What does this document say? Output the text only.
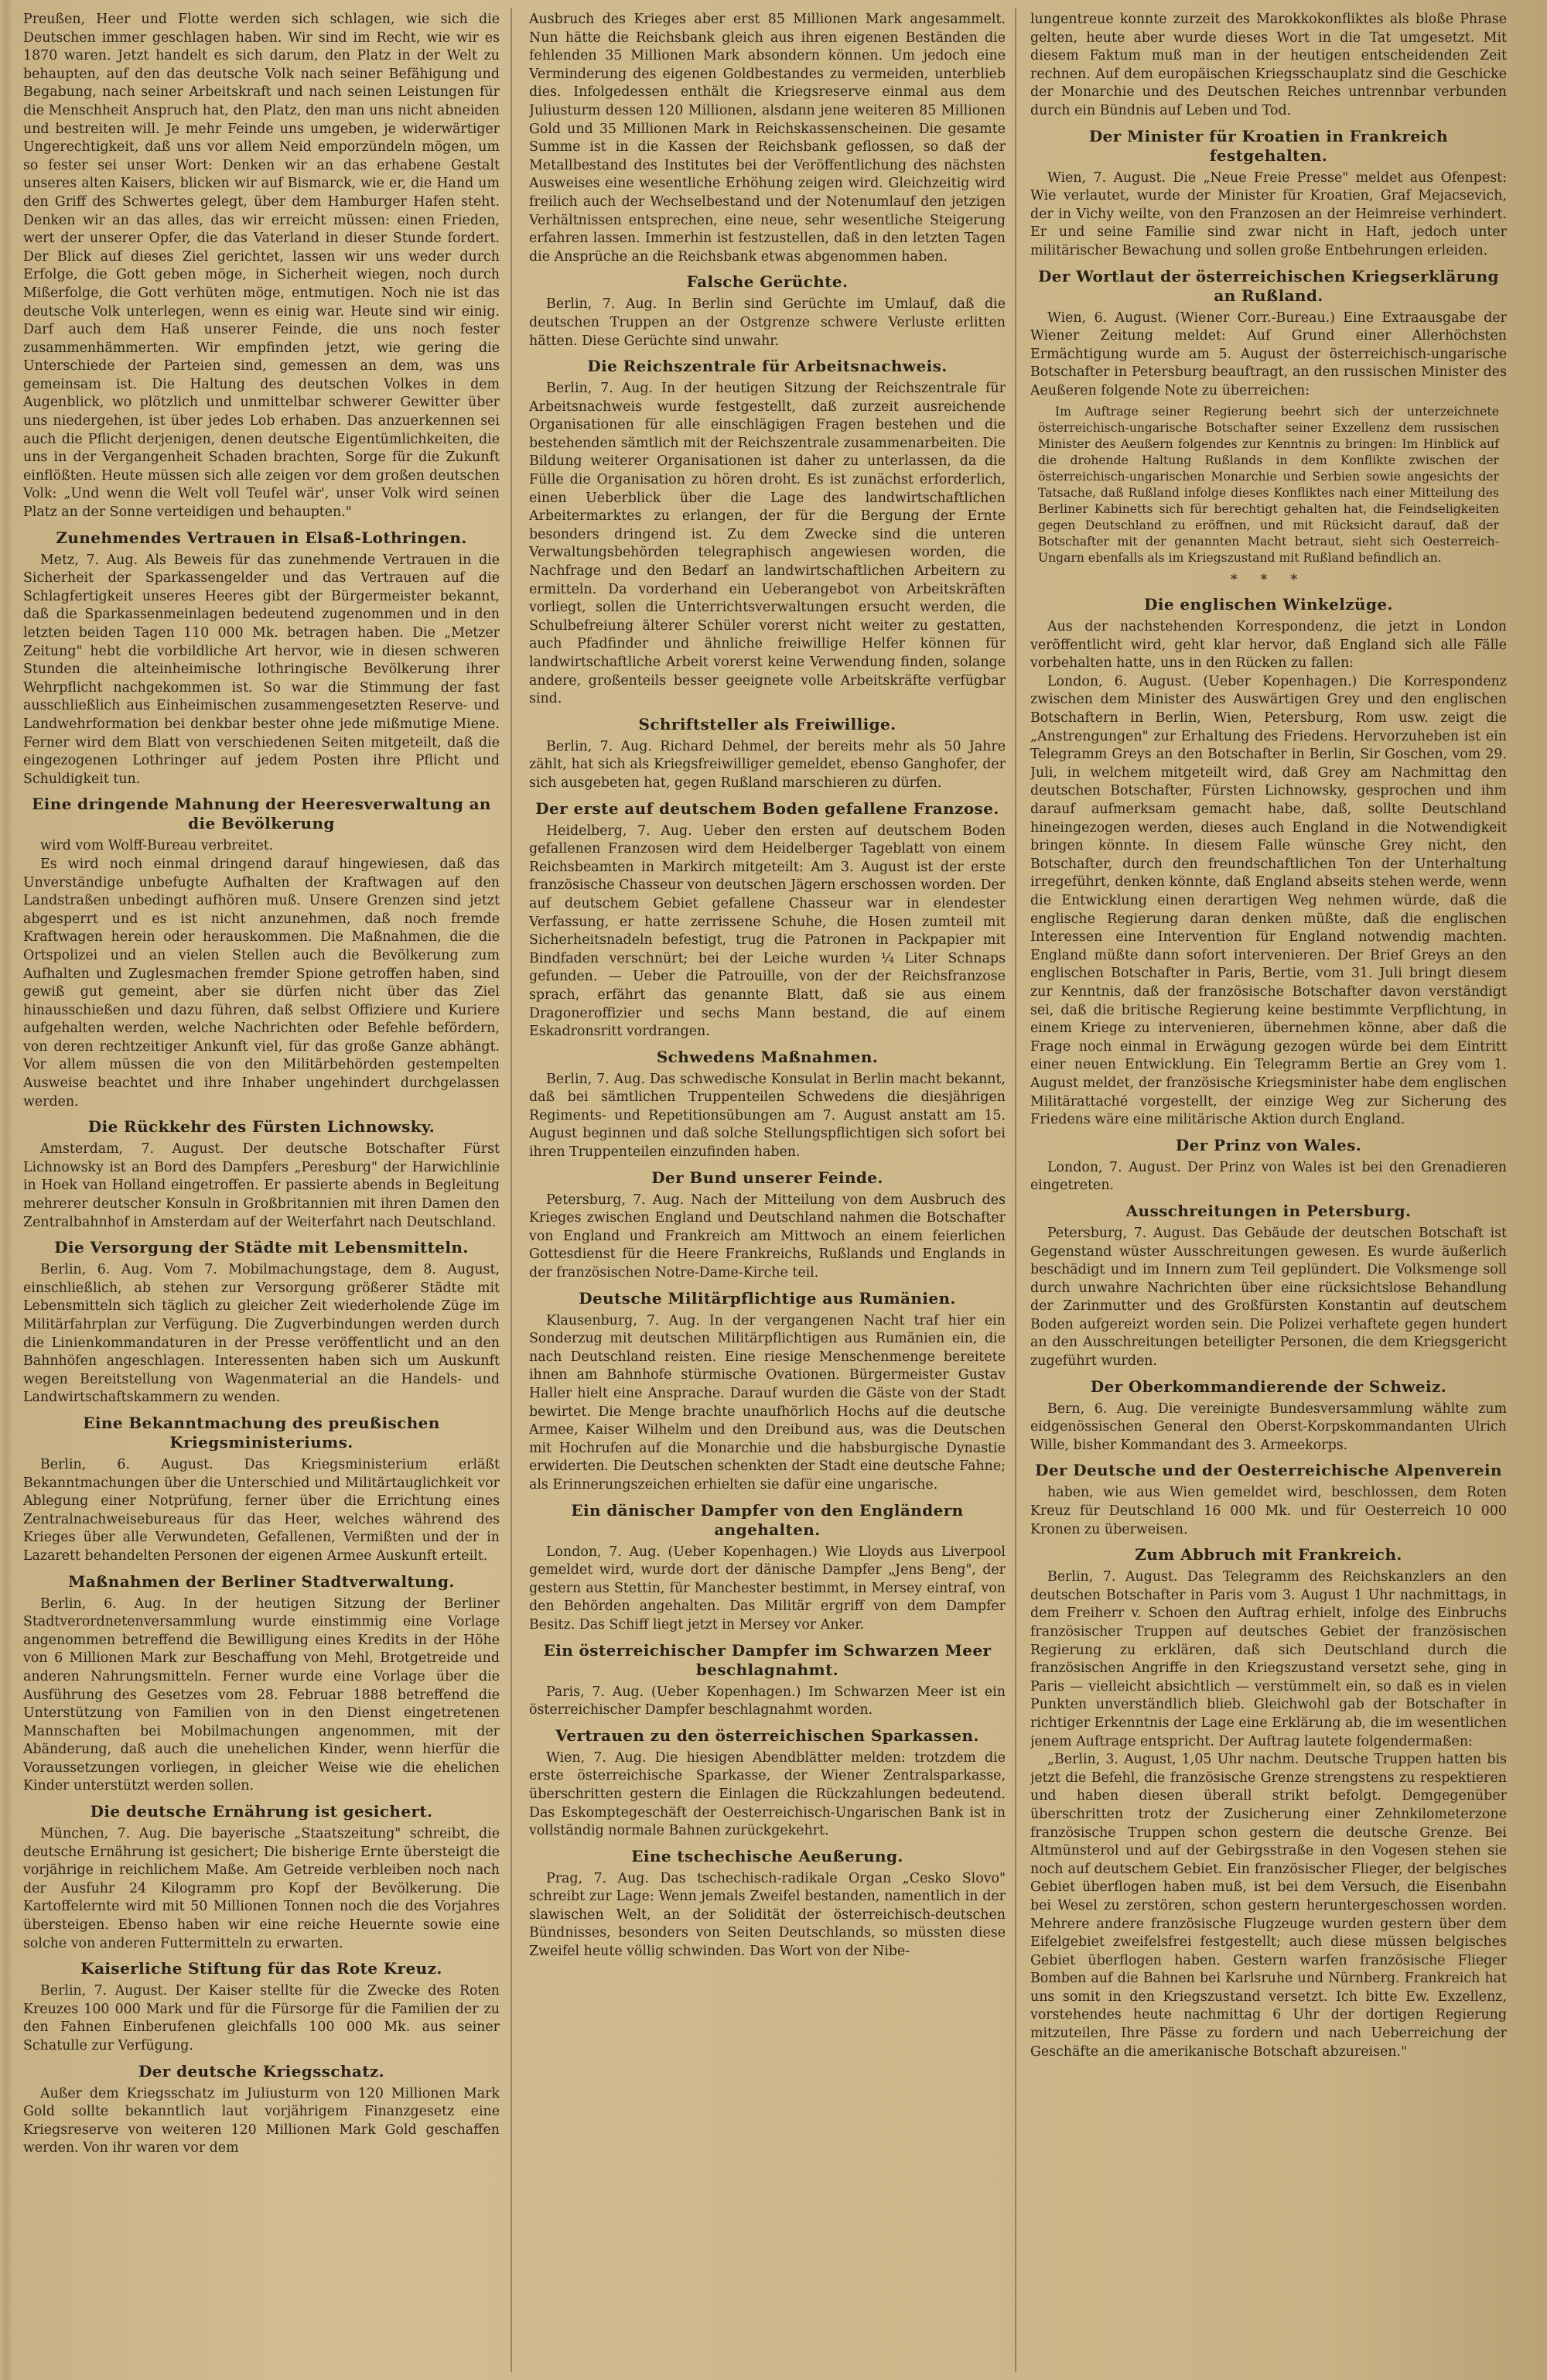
Preußen, Heer und Flotte werden sich schlagen, wie sich die Deutschen immer geschlagen haben. Wir sind im Recht, wie wir es 1870 waren. Jetzt handelt es sich darum, den Platz in der Welt zu behaupten, auf den das deutsche Volk nach seiner Befähigung und Begabung, nach seiner Arbeitskraft und nach seinen Leistungen für die Menschheit Anspruch hat, den Platz, den man uns nicht abneiden und bestreiten will. Je mehr Feinde uns umgeben, je widerwärtiger Ungerechtigkeit, daß uns vor allem Neid emporzündeln mögen, um so fester sei unser Wort: Denken wir an das erhabene Gestalt unseres alten Kaisers, blicken wir auf Bismarck, wie er, die Hand um den Griff des Schwertes gelegt, über dem Hamburger Hafen steht. Denken wir an das alles, das wir erreicht müssen: einen Frieden, wert der unserer Opfer, die das Vaterland in dieser Stunde fordert. Der Blick auf dieses Ziel gerichtet, lassen wir uns weder durch Erfolge, die Gott geben möge, in Sicherheit wiegen, noch durch Mißerfolge, die Gott verhüten möge, entmutigen. Noch nie ist das deutsche Volk unterlegen, wenn es einig war. Heute sind wir einig. Darf auch dem Haß unserer Feinde, die uns noch fester zusammenhämmerten. Wir empfinden jetzt, wie gering die Unterschiede der Parteien sind, gemessen an dem, was uns gemeinsam ist. Die Haltung des deutschen Volkes in dem Augenblick, wo plötzlich und unmittelbar schwerer Gewitter über uns niedergehen, ist über jedes Lob erhaben. Das anzuerkennen sei auch die Pflicht derjenigen, denen deutsche Eigentümlichkeiten, die uns in der Vergangenheit Schaden brachten, Sorge für die Zukunft einflößten. Heute müssen sich alle zeigen vor dem großen deutschen Volk: „Und wenn die Welt voll Teufel wär', unser Volk wird seinen Platz an der Sonne verteidigen und behaupten."

Zunehmendes Vertrauen in Elsaß-Lothringen.

Metz, 7. Aug. Als Beweis für das zunehmende Vertrauen in die Sicherheit der Sparkassengelder und das Vertrauen auf die Schlagfertigkeit unseres Heeres gibt der Bürgermeister bekannt, daß die Sparkassenmeinlagen bedeutend zugenommen und in den letzten beiden Tagen 110 000 Mk. betragen haben. Die „Metzer Zeitung" hebt die vorbildliche Art hervor, wie in diesen schweren Stunden die alteinheimische lothringische Bevölkerung ihrer Wehrpflicht nachgekommen ist. So war die Stimmung der fast ausschließlich aus Einheimischen zusammengesetzten Reserve- und Landwehrformation bei denkbar bester ohne jede mißmutige Miene. Ferner wird dem Blatt von verschiedenen Seiten mitgeteilt, daß die eingezogenen Lothringer auf jedem Posten ihre Pflicht und Schuldigkeit tun.

Eine dringende Mahnung der Heeresverwaltung an die Bevölkerung

wird vom Wolff-Bureau verbreitet.

Es wird noch einmal dringend darauf hingewiesen, daß das Unverständige unbefugte Aufhalten der Kraftwagen auf den Landstraßen unbedingt aufhören muß. Unsere Grenzen sind jetzt abgesperrt und es ist nicht anzunehmen, daß noch fremde Kraftwagen herein oder herauskommen. Die Maßnahmen, die die Ortspolizei und an vielen Stellen auch die Bevölkerung zum Aufhalten und Zuglesmachen fremder Spione getroffen haben, sind gewiß gut gemeint, aber sie dürfen nicht über das Ziel hinausschießen und dazu führen, daß selbst Offiziere und Kuriere aufgehalten werden, welche Nachrichten oder Befehle befördern, von deren rechtzeitiger Ankunft viel, für das große Ganze abhängt. Vor allem müssen die von den Militärbehörden gestempelten Ausweise beachtet und ihre Inhaber ungehindert durchgelassen werden.

Die Rückkehr des Fürsten Lichnowsky.

Amsterdam, 7. August. Der deutsche Botschafter Fürst Lichnowsky ist an Bord des Dampfers „Peresburg" der Harwichlinie in Hoek van Holland eingetroffen. Er passierte abends in Begleitung mehrerer deutscher Konsuln in Großbritannien mit ihren Damen den Zentralbahnhof in Amsterdam auf der Weiterfahrt nach Deutschland.

Die Versorgung der Städte mit Lebensmitteln.

Berlin, 6. Aug. Vom 7. Mobilmachungstage, dem 8. August, einschließlich, ab stehen zur Versorgung größerer Städte mit Lebensmitteln sich täglich zu gleicher Zeit wiederholende Züge im Militärfahrplan zur Verfügung. Die Zugverbindungen werden durch die Linienkommandaturen in der Presse veröffentlicht und an den Bahnhöfen angeschlagen. Interessenten haben sich um Auskunft wegen Bereitstellung von Wagenmaterial an die Handels- und Landwirtschaftskammern zu wenden.

Eine Bekanntmachung des preußischen Kriegsministeriums.

Berlin, 6. August. Das Kriegsministerium erläßt Bekanntmachungen über die Unterschied und Militärtauglichkeit vor Ablegung einer Notprüfung, ferner über die Errichtung eines Zentralnachweisebureaus für das Heer, welches während des Krieges über alle Verwundeten, Gefallenen, Vermißten und der in Lazarett behandelten Personen der eigenen Armee Auskunft erteilt.

Maßnahmen der Berliner Stadtverwaltung.

Berlin, 6. Aug. In der heutigen Sitzung der Berliner Stadtverordnetenversammlung wurde einstimmig eine Vorlage angenommen betreffend die Bewilligung eines Kredits in der Höhe von 6 Millionen Mark zur Beschaffung von Mehl, Brotgetreide und anderen Nahrungsmitteln. Ferner wurde eine Vorlage über die Ausführung des Gesetzes vom 28. Februar 1888 betreffend die Unterstützung von Familien von in den Dienst eingetretenen Mannschaften bei Mobilmachungen angenommen, mit der Abänderung, daß auch die unehelichen Kinder, wenn hierfür die Voraussetzungen vorliegen, in gleicher Weise wie die ehelichen Kinder unterstützt werden sollen.

Die deutsche Ernährung ist gesichert.

München, 7. Aug. Die bayerische „Staatszeitung" schreibt, die deutsche Ernährung ist gesichert; Die bisherige Ernte übersteigt die vorjährige in reichlichem Maße. Am Getreide verbleiben noch nach der Ausfuhr 24 Kilogramm pro Kopf der Bevölkerung. Die Kartoffelernte wird mit 50 Millionen Tonnen noch die des Vorjahres übersteigen. Ebenso haben wir eine reiche Heuernte sowie eine solche von anderen Futtermitteln zu erwarten.

Kaiserliche Stiftung für das Rote Kreuz.

Berlin, 7. August. Der Kaiser stellte für die Zwecke des Roten Kreuzes 100 000 Mark und für die Fürsorge für die Familien der zu den Fahnen Einberufenen gleichfalls 100 000 Mk. aus seiner Schatulle zur Verfügung.

Der deutsche Kriegsschatz.

Außer dem Kriegsschatz im Juliusturm von 120 Millionen Mark Gold sollte bekanntlich laut vorjährigem Finanzgesetz eine Kriegsreserve von weiteren 120 Millionen Mark Gold geschaffen werden. Von ihr waren vor dem

Ausbruch des Krieges aber erst 85 Millionen Mark angesammelt. Nun hätte die Reichsbank gleich aus ihren eigenen Beständen die fehlenden 35 Millionen Mark absondern können. Um jedoch eine Verminderung des eigenen Goldbestandes zu vermeiden, unterblieb dies. Infolgedessen enthält die Kriegsreserve einmal aus dem Juliusturm dessen 120 Millionen, alsdann jene weiteren 85 Millionen Gold und 35 Millionen Mark in Reichskassenscheinen. Die gesamte Summe ist in die Kassen der Reichsbank geflossen, so daß der Metallbestand des Institutes bei der Veröffentlichung des nächsten Ausweises eine wesentliche Erhöhung zeigen wird. Gleichzeitig wird freilich auch der Wechselbestand und der Notenumlauf den jetzigen Verhältnissen entsprechen, eine neue, sehr wesentliche Steigerung erfahren lassen. Immerhin ist festzustellen, daß in den letzten Tagen die Ansprüche an die Reichsbank etwas abgenommen haben.

Falsche Gerüchte.

Berlin, 7. Aug. In Berlin sind Gerüchte im Umlauf, daß die deutschen Truppen an der Ostgrenze schwere Verluste erlitten hätten. Diese Gerüchte sind unwahr.

Die Reichszentrale für Arbeitsnachweis.

Berlin, 7. Aug. In der heutigen Sitzung der Reichszentrale für Arbeitsnachweis wurde festgestellt, daß zurzeit ausreichende Organisationen für alle einschlägigen Fragen bestehen und die bestehenden sämtlich mit der Reichszentrale zusammenarbeiten. Die Bildung weiterer Organisationen ist daher zu unterlassen, da die Fülle die Organisation zu hören droht. Es ist zunächst erforderlich, einen Ueberblick über die Lage des landwirtschaftlichen Arbeitermarktes zu erlangen, der für die Bergung der Ernte besonders dringend ist. Zu dem Zwecke sind die unteren Verwaltungsbehörden telegraphisch angewiesen worden, die Nachfrage und den Bedarf an landwirtschaftlichen Arbeitern zu ermitteln. Da vorderhand ein Ueberangebot von Arbeitskräften vorliegt, sollen die Unterrichtsverwaltungen ersucht werden, die Schulbefreiung älterer Schüler vorerst nicht weiter zu gestatten, auch Pfadfinder und ähnliche freiwillige Helfer können für landwirtschaftliche Arbeit vorerst keine Verwendung finden, solange andere, großenteils besser geeignete volle Arbeitskräfte verfügbar sind.

Schriftsteller als Freiwillige.

Berlin, 7. Aug. Richard Dehmel, der bereits mehr als 50 Jahre zählt, hat sich als Kriegsfreiwilliger gemeldet, ebenso Ganghofer, der sich ausgebeten hat, gegen Rußland marschieren zu dürfen.

Der erste auf deutschem Boden gefallene Franzose.

Heidelberg, 7. Aug. Ueber den ersten auf deutschem Boden gefallenen Franzosen wird dem Heidelberger Tageblatt von einem Reichsbeamten in Markirch mitgeteilt: Am 3. August ist der erste französische Chasseur von deutschen Jägern erschossen worden. Der auf deutschem Gebiet gefallene Chasseur war in elendester Verfassung, er hatte zerrissene Schuhe, die Hosen zumteil mit Sicherheitsnadeln befestigt, trug die Patronen in Packpapier mit Bindfaden verschnürt; bei der Leiche wurden ¼ Liter Schnaps gefunden. — Ueber die Patrouille, von der der Reichsfranzose sprach, erfährt das genannte Blatt, daß sie aus einem Dragoneroffizier und sechs Mann bestand, die auf einem Eskadronsritt vordrangen.

Schwedens Maßnahmen.

Berlin, 7. Aug. Das schwedische Konsulat in Berlin macht bekannt, daß bei sämtlichen Truppenteilen Schwedens die diesjährigen Regiments- und Repetitionsübungen am 7. August anstatt am 15. August beginnen und daß solche Stellungspflichtigen sich sofort bei ihren Truppenteilen einzufinden haben.

Der Bund unserer Feinde.

Petersburg, 7. Aug. Nach der Mitteilung von dem Ausbruch des Krieges zwischen England und Deutschland nahmen die Botschafter von England und Frankreich am Mittwoch an einem feierlichen Gottesdienst für die Heere Frankreichs, Rußlands und Englands in der französischen Notre-Dame-Kirche teil.

Deutsche Militärpflichtige aus Rumänien.

Klausenburg, 7. Aug. In der vergangenen Nacht traf hier ein Sonderzug mit deutschen Militärpflichtigen aus Rumänien ein, die nach Deutschland reisten. Eine riesige Menschenmenge bereitete ihnen am Bahnhofe stürmische Ovationen. Bürgermeister Gustav Haller hielt eine Ansprache. Darauf wurden die Gäste von der Stadt bewirtet. Die Menge brachte unaufhörlich Hochs auf die deutsche Armee, Kaiser Wilhelm und den Dreibund aus, was die Deutschen mit Hochrufen auf die Monarchie und die habsburgische Dynastie erwiderten. Die Deutschen schenkten der Stadt eine deutsche Fahne; als Erinnerungszeichen erhielten sie dafür eine ungarische.

Ein dänischer Dampfer von den Engländern angehalten.

London, 7. Aug. (Ueber Kopenhagen.) Wie Lloyds aus Liverpool gemeldet wird, wurde dort der dänische Dampfer „Jens Beng", der gestern aus Stettin, für Manchester bestimmt, in Mersey eintraf, von den Behörden angehalten. Das Militär ergriff von dem Dampfer Besitz. Das Schiff liegt jetzt in Mersey vor Anker.

Ein österreichischer Dampfer im Schwarzen Meer beschlagnahmt.

Paris, 7. Aug. (Ueber Kopenhagen.) Im Schwarzen Meer ist ein österreichischer Dampfer beschlagnahmt worden.

Vertrauen zu den österreichischen Sparkassen.

Wien, 7. Aug. Die hiesigen Abendblätter melden: trotzdem die erste österreichische Sparkasse, der Wiener Zentralsparkasse, überschritten gestern die Einlagen die Rückzahlungen bedeutend. Das Eskomptegeschäft der Oesterreichisch-Ungarischen Bank ist in vollständig normale Bahnen zurückgekehrt.

Eine tschechische Aeußerung.

Prag, 7. Aug. Das tschechisch-radikale Organ „Cesko Slovo" schreibt zur Lage: Wenn jemals Zweifel bestanden, namentlich in der slawischen Welt, an der Solidität der österreichisch-deutschen Bündnisses, besonders von Seiten Deutschlands, so müssten diese Zweifel heute völlig schwinden. Das Wort von der Nibe-

lungentreue konnte zurzeit des Marokkokonfliktes als bloße Phrase gelten, heute aber wurde dieses Wort in die Tat umgesetzt. Mit diesem Faktum muß man in der heutigen entscheidenden Zeit rechnen. Auf dem europäischen Kriegsschauplatz sind die Geschicke der Monarchie und des Deutschen Reiches untrennbar verbunden durch ein Bündnis auf Leben und Tod.

Der Minister für Kroatien in Frankreich festgehalten.

Wien, 7. August. Die „Neue Freie Presse" meldet aus Ofenpest: Wie verlautet, wurde der Minister für Kroatien, Graf Mejacsevich, der in Vichy weilte, von den Franzosen an der Heimreise verhindert. Er und seine Familie sind zwar nicht in Haft, jedoch unter militärischer Bewachung und sollen große Entbehrungen erleiden.

Der Wortlaut der österreichischen Kriegserklärung an Rußland.

Wien, 6. August. (Wiener Corr.-Bureau.) Eine Extraausgabe der Wiener Zeitung meldet: Auf Grund einer Allerhöchsten Ermächtigung wurde am 5. August der österreichisch-ungarische Botschafter in Petersburg beauftragt, an den russischen Minister des Aeußeren folgende Note zu überreichen:

Im Auftrage seiner Regierung beehrt sich der unterzeichnete österreichisch-ungarische Botschafter seiner Exzellenz dem russischen Minister des Aeußern folgendes zur Kenntnis zu bringen: Im Hinblick auf die drohende Haltung Rußlands in dem Konflikte zwischen der österreichisch-ungarischen Monarchie und Serbien sowie angesichts der Tatsache, daß Rußland infolge dieses Konfliktes nach einer Mitteilung des Berliner Kabinetts sich für berechtigt gehalten hat, die Feindseligkeiten gegen Deutschland zu eröffnen, und mit Rücksicht darauf, daß der Botschafter mit der genannten Macht betraut, sieht sich Oesterreich-Ungarn ebenfalls als im Kriegszustand mit Rußland befindlich an.

* * *
Die englischen Winkelzüge.

Aus der nachstehenden Korrespondenz, die jetzt in London veröffentlicht wird, geht klar hervor, daß England sich alle Fälle vorbehalten hatte, uns in den Rücken zu fallen:

London, 6. August. (Ueber Kopenhagen.) Die Korrespondenz zwischen dem Minister des Auswärtigen Grey und den englischen Botschaftern in Berlin, Wien, Petersburg, Rom usw. zeigt die „Anstrengungen" zur Erhaltung des Friedens. Hervorzuheben ist ein Telegramm Greys an den Botschafter in Berlin, Sir Goschen, vom 29. Juli, in welchem mitgeteilt wird, daß Grey am Nachmittag den deutschen Botschafter, Fürsten Lichnowsky, gesprochen und ihm darauf aufmerksam gemacht habe, daß, sollte Deutschland hineingezogen werden, dieses auch England in die Notwendigkeit bringen könnte. In diesem Falle wünsche Grey nicht, den Botschafter, durch den freundschaftlichen Ton der Unterhaltung irregeführt, denken könnte, daß England abseits stehen werde, wenn die Entwicklung einen derartigen Weg nehmen würde, daß die englische Regierung daran denken müßte, daß die englischen Interessen eine Intervention für England notwendig machten. England müßte dann sofort intervenieren. Der Brief Greys an den englischen Botschafter in Paris, Bertie, vom 31. Juli bringt diesem zur Kenntnis, daß der französische Botschafter davon verständigt sei, daß die britische Regierung keine bestimmte Verpflichtung, in einem Kriege zu intervenieren, übernehmen könne, aber daß die Frage noch einmal in Erwägung gezogen würde bei dem Eintritt einer neuen Entwicklung. Ein Telegramm Bertie an Grey vom 1. August meldet, der französische Kriegsminister habe dem englischen Militärattaché vorgestellt, der einzige Weg zur Sicherung des Friedens wäre eine militärische Aktion durch England.

Der Prinz von Wales.

London, 7. August. Der Prinz von Wales ist bei den Grenadieren eingetreten.

Ausschreitungen in Petersburg.

Petersburg, 7. August. Das Gebäude der deutschen Botschaft ist Gegenstand wüster Ausschreitungen gewesen. Es wurde äußerlich beschädigt und im Innern zum Teil geplündert. Die Volksmenge soll durch unwahre Nachrichten über eine rücksichtslose Behandlung der Zarinmutter und des Großfürsten Konstantin auf deutschem Boden aufgereizt worden sein. Die Polizei verhaftete gegen hundert an den Ausschreitungen beteiligter Personen, die dem Kriegsgericht zugeführt wurden.

Der Oberkommandierende der Schweiz.

Bern, 6. Aug. Die vereinigte Bundesversammlung wählte zum eidgenössischen General den Oberst-Korpskommandanten Ulrich Wille, bisher Kommandant des 3. Armeekorps.

Der Deutsche und der Oesterreichische Alpenverein

haben, wie aus Wien gemeldet wird, beschlossen, dem Roten Kreuz für Deutschland 16 000 Mk. und für Oesterreich 10 000 Kronen zu überweisen.

Zum Abbruch mit Frankreich.

Berlin, 7. August. Das Telegramm des Reichskanzlers an den deutschen Botschafter in Paris vom 3. August 1 Uhr nachmittags, in dem Freiherr v. Schoen den Auftrag erhielt, infolge des Einbruchs französischer Truppen auf deutsches Gebiet der französischen Regierung zu erklären, daß sich Deutschland durch die französischen Angriffe in den Kriegszustand versetzt sehe, ging in Paris — vielleicht absichtlich — verstümmelt ein, so daß es in vielen Punkten unverständlich blieb. Gleichwohl gab der Botschafter in richtiger Erkenntnis der Lage eine Erklärung ab, die im wesentlichen jenem Auftrage entspricht. Der Auftrag lautete folgendermaßen:

„Berlin, 3. August, 1,05 Uhr nachm. Deutsche Truppen hatten bis jetzt die Befehl, die französische Grenze strengstens zu respektieren und haben diesen überall strikt befolgt. Demgegenüber überschritten trotz der Zusicherung einer Zehnkilometerzone französische Truppen schon gestern die deutsche Grenze. Bei Altmünsterol und auf der Gebirgsstraße in den Vogesen stehen sie noch auf deutschem Gebiet. Ein französischer Flieger, der belgisches Gebiet überflogen haben muß, ist bei dem Versuch, die Eisenbahn bei Wesel zu zerstören, schon gestern heruntergeschossen worden. Mehrere andere französische Flugzeuge wurden gestern über dem Eifelgebiet zweifelsfrei festgestellt; auch diese müssen belgisches Gebiet überflogen haben. Gestern warfen französische Flieger Bomben auf die Bahnen bei Karlsruhe und Nürnberg. Frankreich hat uns somit in den Kriegszustand versetzt. Ich bitte Ew. Exzellenz, vorstehendes heute nachmittag 6 Uhr der dortigen Regierung mitzuteilen, Ihre Pässe zu fordern und nach Ueberreichung der Geschäfte an die amerikanische Botschaft abzureisen."
